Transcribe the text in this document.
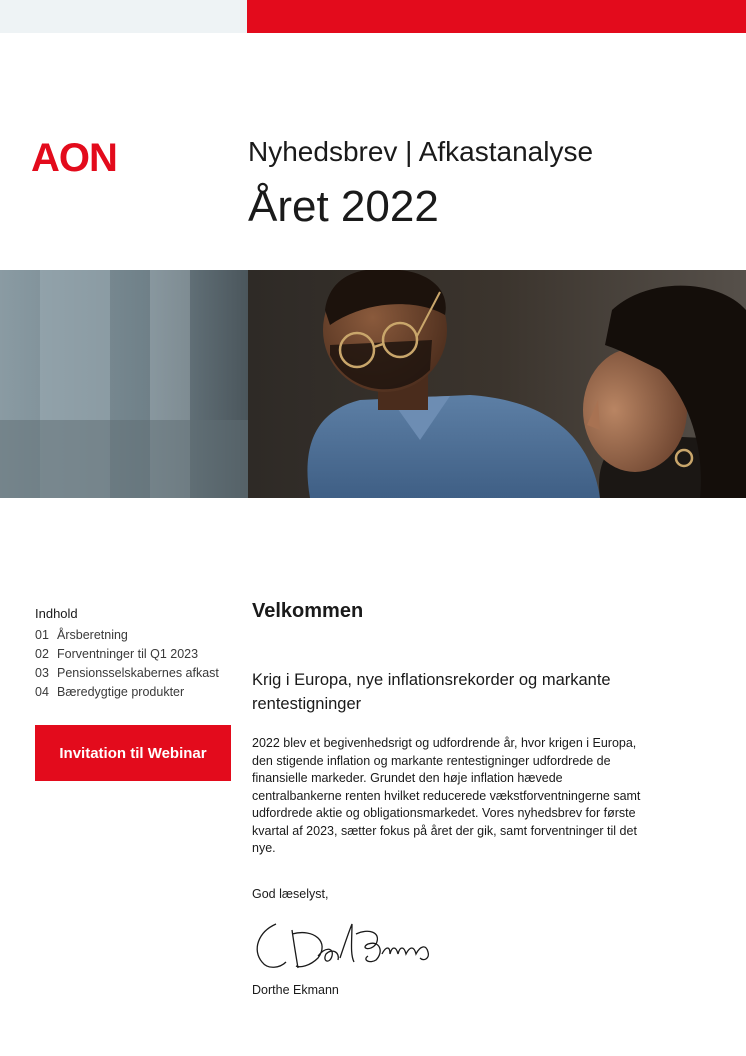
AON	Nyhedsbrev | Afkastanalyse
Året 2022
Indhold
01 Årsberetning
02 Forventninger til Q1 2023
03 Pensionsselskabernes afkast
04 Bæredygtige produkter
Invitation til Webinar
Velkommen
Krig i Europa, nye inflationsrekorder og markante rentestigninger
2022 blev et begivenhedsrigt og udfordrende år, hvor krigen i Europa, den stigende inflation og markante rentestigninger udfordrede de finansielle markeder. Grundet den høje inflation hævede centralbankerne renten hvilket reducerede vækstforventningerne samt udfordrede aktie og obligationsmarkedet. Vores nyhedsbrev for første kvartal af 2023, sætter fokus på året der gik, samt forventninger til det nye.
God læselyst,
Dorthe Ekmann
